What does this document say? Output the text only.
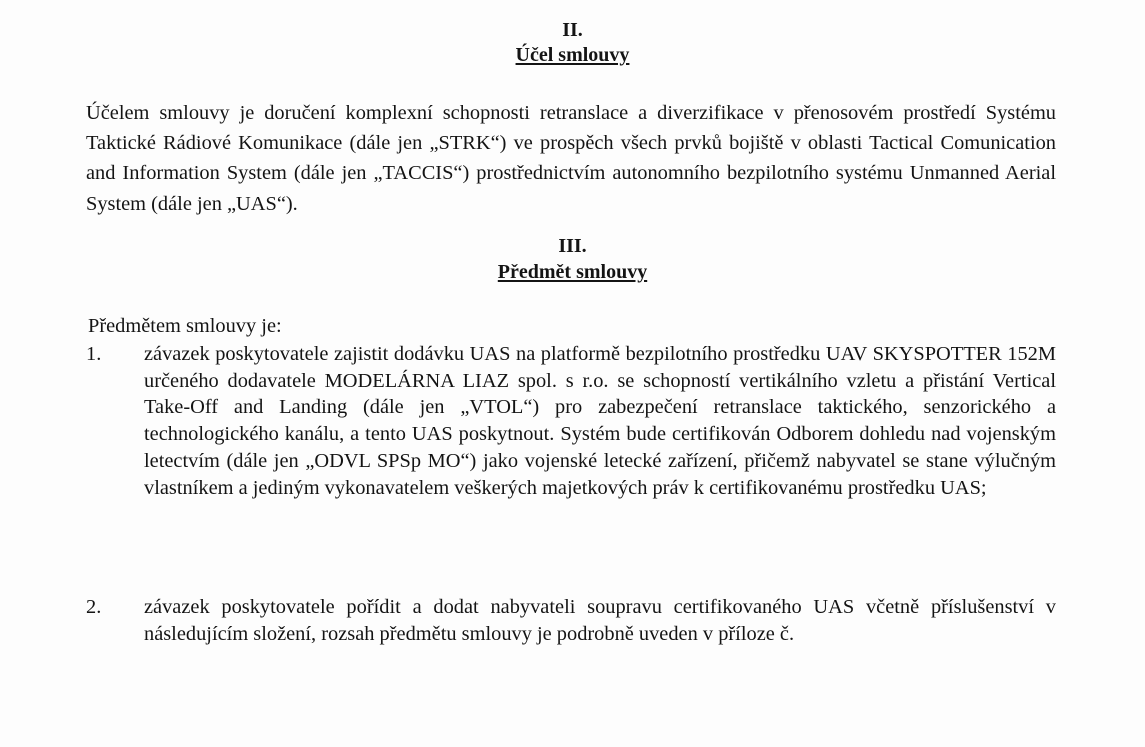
II.
Účel smlouvy

Účelem smlouvy je doručení komplexní schopnosti retranslace a diverzifikace v přenosovém prostředí Systému Taktické Rádiové Komunikace (dále jen „STRK“) ve prospěch všech prvků bojiště v oblasti Tactical Comunication and Information System (dále jen „TACCIS“) prostřednictvím autonomního bezpilotního systému Unmanned Aerial System (dále jen „UAS“).

III.
Předmět smlouvy

Předmětem smlouvy je:

1. závazek poskytovatele zajistit dodávku UAS na platformě bezpilotního prostředku UAV SKYSPOTTER 152M určeného dodavatele MODELÁRNA LIAZ spol. s r.o. se schopností vertikálního vzletu a přistání Vertical Take-Off and Landing (dále jen „VTOL“) pro zabezpečení retranslace taktického, senzorického a technologického kanálu, a tento UAS poskytnout. Systém bude certifikován Odborem dohledu nad vojenským letectvím (dále jen „ODVL SPSp MO“) jako vojenské letecké zařízení, přičemž nabyvatel se stane výlučným vlastníkem a jediným vykonavatelem veškerých majetkových práv k certifikovanému prostředku UAS;

2. závazek poskytovatele pořídit a dodat nabyvateli soupravu certifikovaného UAS včetně příslušenství v následujícím složení, rozsah předmětu smlouvy je podrobně uveden v příloze č.
